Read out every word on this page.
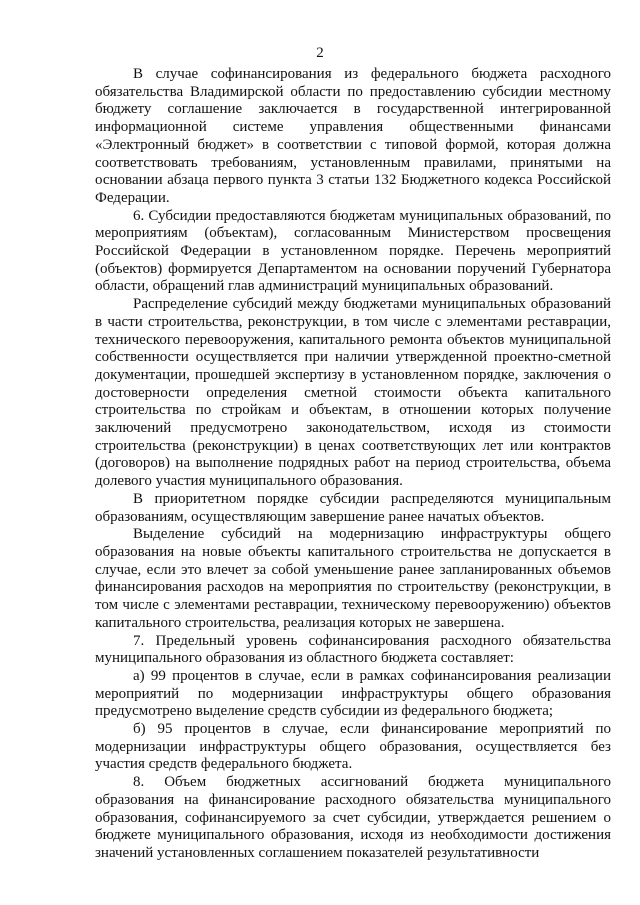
2

В случае софинансирования из федерального бюджета расходного обязательства Владимирской области по предоставлению субсидии местному бюджету соглашение заключается в государственной интегрированной информационной системе управления общественными финансами «Электронный бюджет» в соответствии с типовой формой, которая должна соответствовать требованиям, установленным правилами, принятыми на основании абзаца первого пункта 3 статьи 132 Бюджетного кодекса Российской Федерации.

6. Субсидии предоставляются бюджетам муниципальных образований, по мероприятиям (объектам), согласованным Министерством просвещения Российской Федерации в установленном порядке. Перечень мероприятий (объектов) формируется Департаментом на основании поручений Губернатора области, обращений глав администраций муниципальных образований.

Распределение субсидий между бюджетами муниципальных образований в части строительства, реконструкции, в том числе с элементами реставрации, технического перевооружения, капитального ремонта объектов муниципальной собственности осуществляется при наличии утвержденной проектно-сметной документации, прошедшей экспертизу в установленном порядке, заключения о достоверности определения сметной стоимости объекта капитального строительства по стройкам и объектам, в отношении которых получение заключений предусмотрено законодательством, исходя из стоимости строительства (реконструкции) в ценах соответствующих лет или контрактов (договоров) на выполнение подрядных работ на период строительства, объема долевого участия муниципального образования.

В приоритетном порядке субсидии распределяются муниципальным образованиям, осуществляющим завершение ранее начатых объектов.

Выделение субсидий на модернизацию инфраструктуры общего образования на новые объекты капитального строительства не допускается в случае, если это влечет за собой уменьшение ранее запланированных объемов финансирования расходов на мероприятия по строительству (реконструкции, в том числе с элементами реставрации, техническому перевооружению) объектов капитального строительства, реализация которых не завершена.

7. Предельный уровень софинансирования расходного обязательства муниципального образования из областного бюджета составляет:

а) 99 процентов в случае, если в рамках софинансирования реализации мероприятий по модернизации инфраструктуры общего образования предусмотрено выделение средств субсидии из федерального бюджета;

б) 95 процентов в случае, если финансирование мероприятий по модернизации инфраструктуры общего образования, осуществляется без участия средств федерального бюджета.

8. Объем бюджетных ассигнований бюджета муниципального образования на финансирование расходного обязательства муниципального образования, софинансируемого за счет субсидии, утверждается решением о бюджете муниципального образования, исходя из необходимости достижения значений установленных соглашением показателей результативности
